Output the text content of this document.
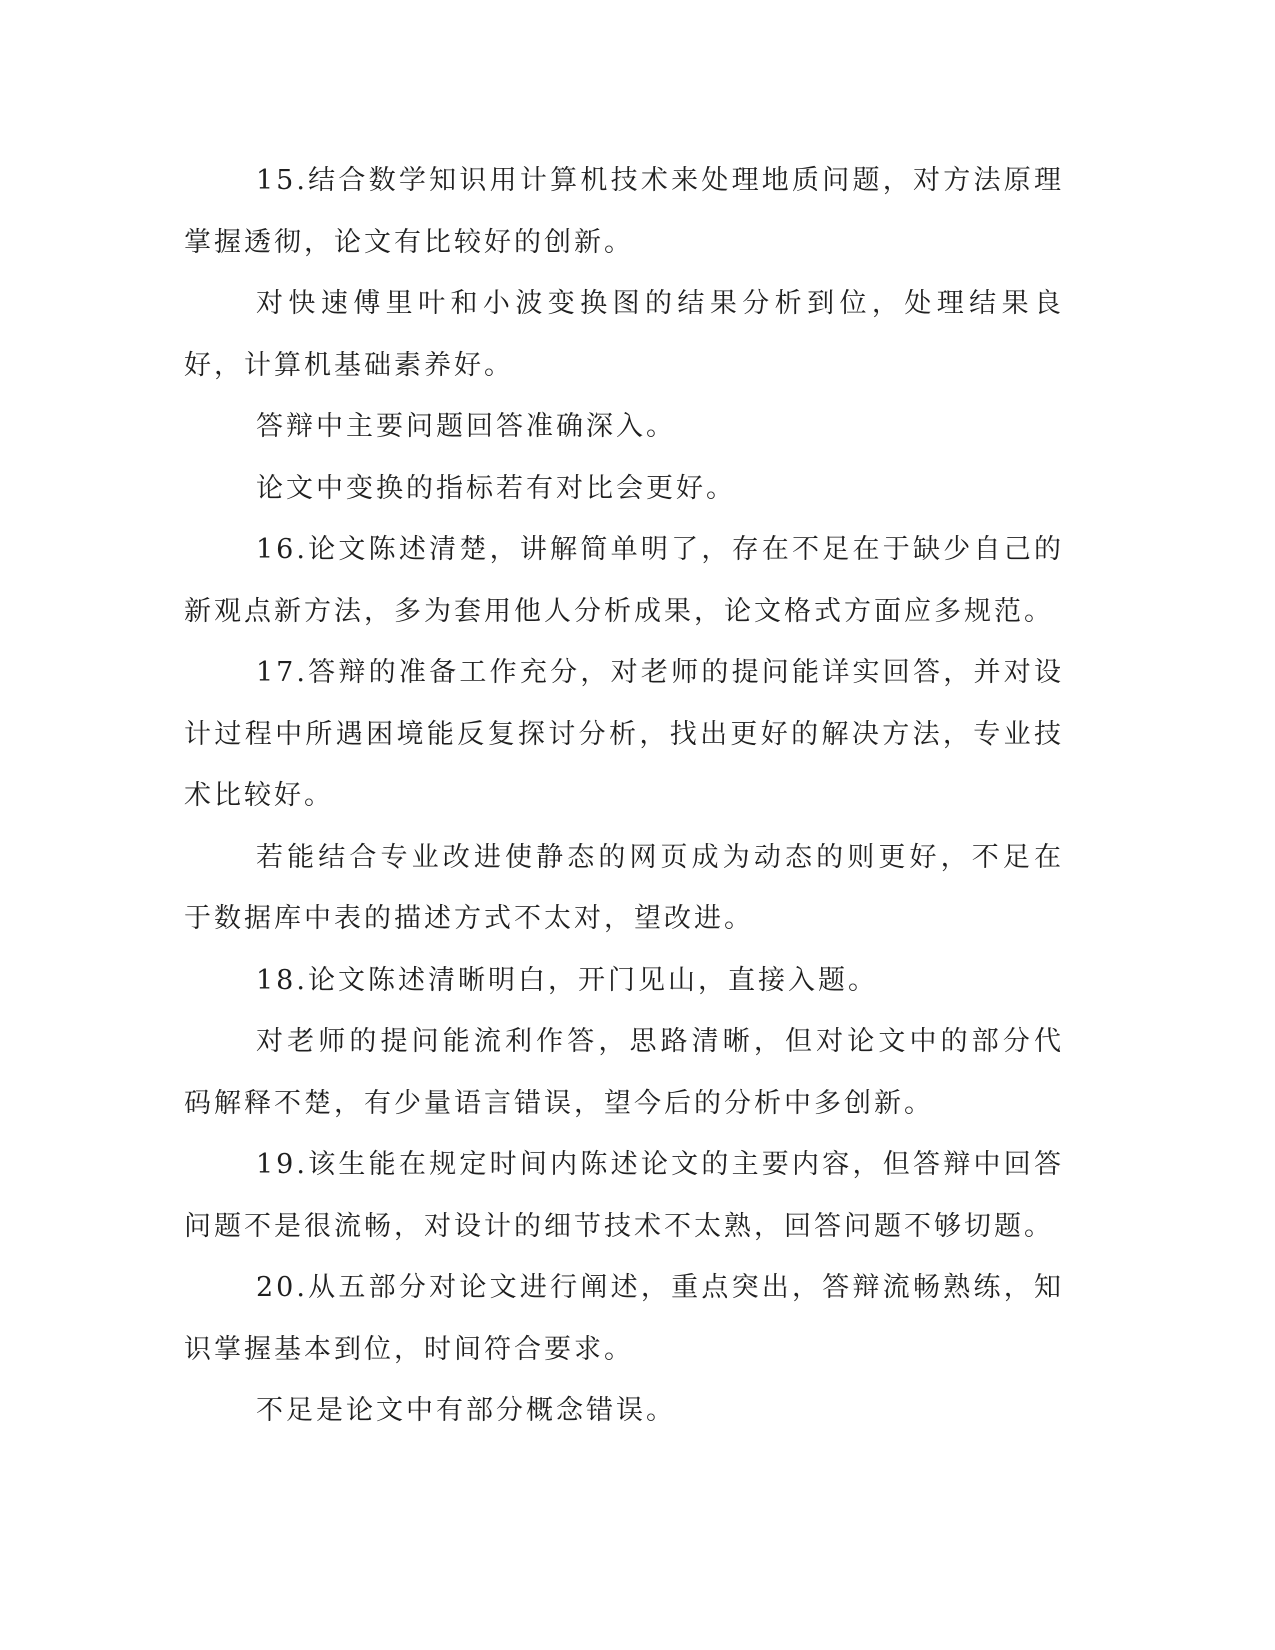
15.结合数学知识用计算机技术来处理地质问题，对方法原理掌握透彻，论文有比较好的创新。

对快速傅里叶和小波变换图的结果分析到位，处理结果良好，计算机基础素养好。

答辩中主要问题回答准确深入。

论文中变换的指标若有对比会更好。

16.论文陈述清楚，讲解简单明了，存在不足在于缺少自己的新观点新方法，多为套用他人分析成果，论文格式方面应多规范。

17.答辩的准备工作充分，对老师的提问能详实回答，并对设计过程中所遇困境能反复探讨分析，找出更好的解决方法，专业技术比较好。

若能结合专业改进使静态的网页成为动态的则更好，不足在于数据库中表的描述方式不太对，望改进。

18.论文陈述清晰明白，开门见山，直接入题。

对老师的提问能流利作答，思路清晰，但对论文中的部分代码解释不楚，有少量语言错误，望今后的分析中多创新。

19.该生能在规定时间内陈述论文的主要内容，但答辩中回答问题不是很流畅，对设计的细节技术不太熟，回答问题不够切题。

20.从五部分对论文进行阐述，重点突出，答辩流畅熟练，知识掌握基本到位，时间符合要求。

不足是论文中有部分概念错误。
